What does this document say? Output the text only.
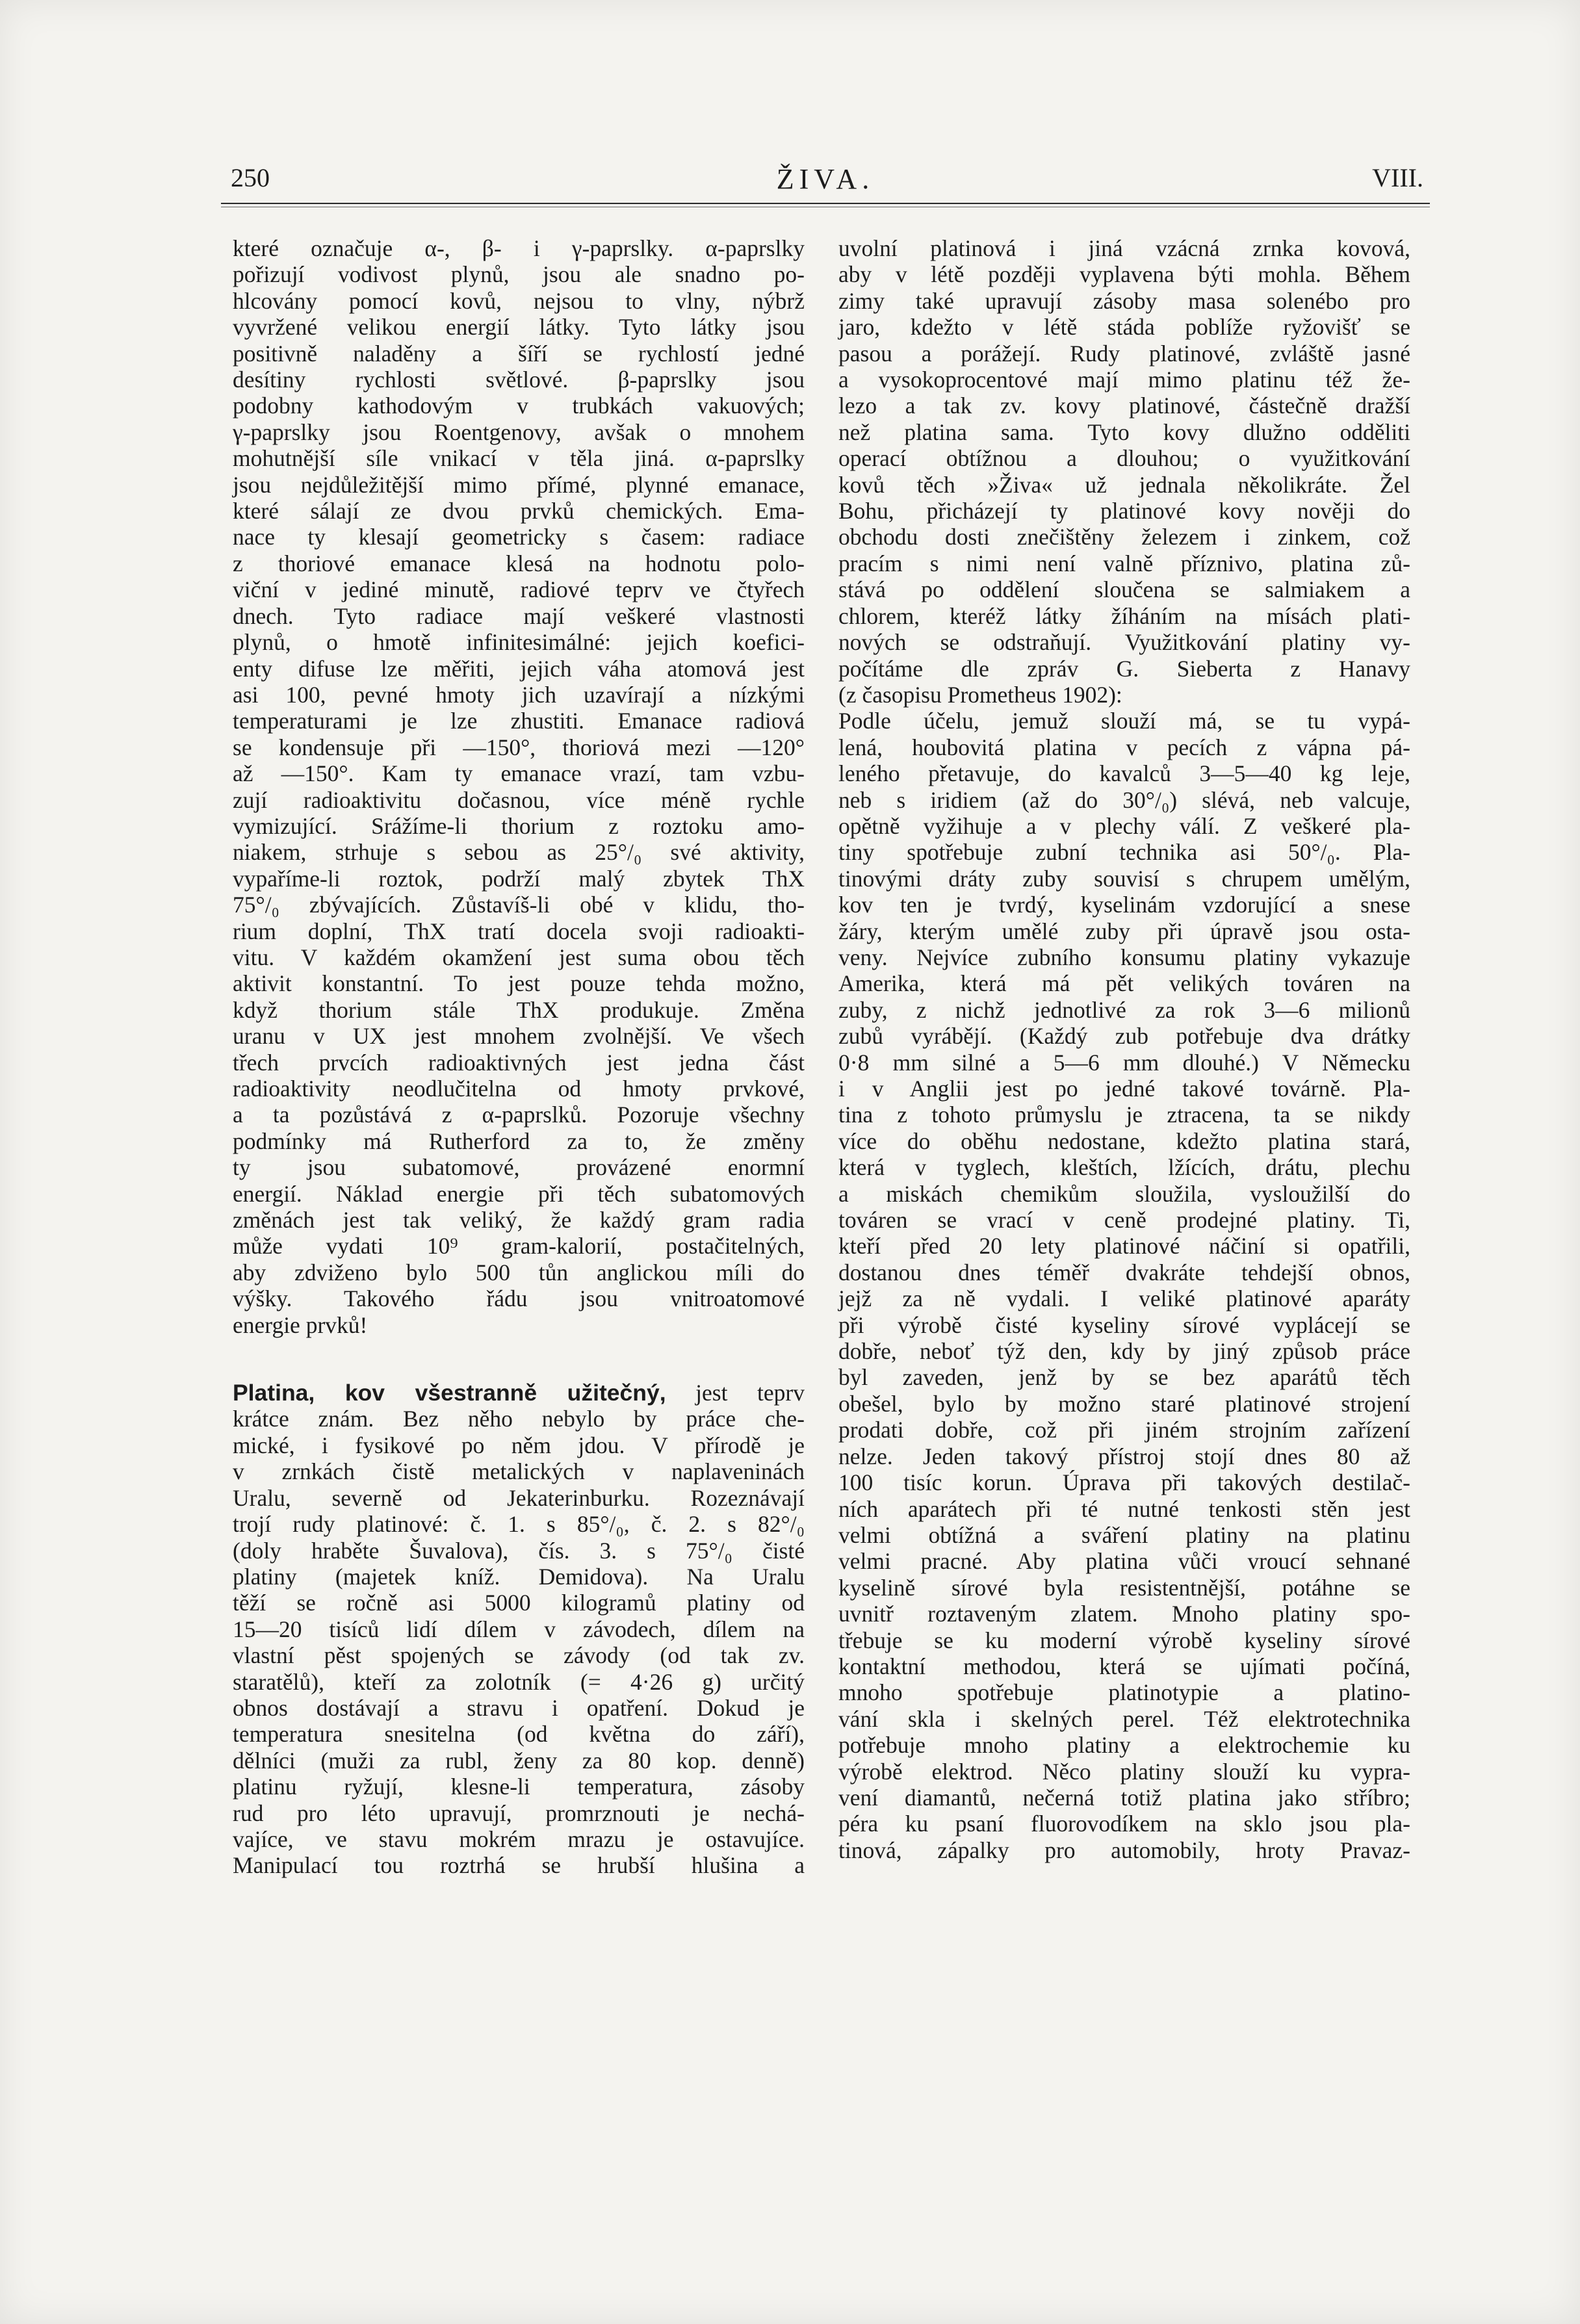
250	ŽIVA.	VIII.

které označuje α-, β- i γ-paprslky. α-paprslky

pořizují vodivost plynů, jsou ale snadno po-

hlcovány pomocí kovů, nejsou to vlny, nýbrž

vyvržené velikou energií látky. Tyto látky jsou

positivně naladěny a šíří se rychlostí jedné

desítiny rychlosti světlové. β-paprslky jsou

podobny kathodovým v trubkách vakuových;

γ-paprslky jsou Roentgenovy, avšak o mnohem

mohutnější síle vnikací v těla jiná. α-paprslky

jsou nejdůležitější mimo přímé, plynné emanace,

které sálají ze dvou prvků chemických. Ema-

nace ty klesají geometricky s časem: radiace

z thoriové emanace klesá na hodnotu polo-

viční v jediné minutě, radiové teprv ve čtyřech

dnech. Tyto radiace mají veškeré vlastnosti

plynů, o hmotě infinitesimálné: jejich koefici-

enty difuse lze měřiti, jejich váha atomová jest

asi 100, pevné hmoty jich uzavírají a nízkými

temperaturami je lze zhustiti. Emanace radiová

se kondensuje při —150°, thoriová mezi —120°

až —150°. Kam ty emanace vrazí, tam vzbu-

zují radioaktivitu dočasnou, více méně rychle

vymizující. Srážíme-li thorium z roztoku amo-

niakem, strhuje s sebou as 25°/₀ své aktivity,

vypaříme-li roztok, podrží malý zbytek ThX

75°/₀ zbývajících. Zůstavíš-li obé v klidu, tho-

rium doplní, ThX tratí docela svoji radioakti-

vitu. V každém okamžení jest suma obou těch

aktivit konstantní. To jest pouze tehda možno,

když thorium stále ThX produkuje. Změna

uranu v UX jest mnohem zvolnější. Ve všech

třech prvcích radioaktivných jest jedna část

radioaktivity neodlučitelna od hmoty prvkové,

a ta pozůstává z α-paprslků. Pozoruje všechny

podmínky má Rutherford za to, že změny

ty jsou subatomové, provázené enormní

energií. Náklad energie při těch subatomových

změnách jest tak veliký, že každý gram radia

může vydati 10⁹ gram-kalorií, postačitelných,

aby zdviženo bylo 500 tůn anglickou míli do

výšky. Takového řádu jsou vnitroatomové

energie prvků!

Platina, kov všestranně užitečný, jest teprv

krátce znám. Bez něho nebylo by práce che-

mické, i fysikové po něm jdou. V přírodě je

v zrnkách čistě metalických v naplaveninách

Uralu, severně od Jekaterinburku. Rozeznávají

trojí rudy platinové: č. 1. s 85°/₀, č. 2. s 82°/₀

(doly hraběte Šuvalova), čís. 3. s 75°/₀ čisté

platiny (majetek kníž. Demidova). Na Uralu

těží se ročně asi 5000 kilogramů platiny od

15—20 tisíců lidí dílem v závodech, dílem na

vlastní pěst spojených se závody (od tak zv.

staratělů), kteří za zolotník (= 4·26 g) určitý

obnos dostávají a stravu i opatření. Dokud je

temperatura snesitelna (od května do září),

dělníci (muži za rubl, ženy za 80 kop. denně)

platinu ryžují, klesne-li temperatura, zásoby

rud pro léto upravují, promrznouti je nechá-

vajíce, ve stavu mokrém mrazu je ostavujíce.

Manipulací tou roztrhá se hrubší hlušina a

uvolní platinová i jiná vzácná zrnka kovová,

aby v létě později vyplavena býti mohla. Během

zimy také upravují zásoby masa solenébo pro

jaro, kdežto v létě stáda poblíže ryžovišť se

pasou a porážejí. Rudy platinové, zvláště jasné

a vysokoprocentové mají mimo platinu též že-

lezo a tak zv. kovy platinové, částečně dražší

než platina sama. Tyto kovy dlužno odděliti

operací obtížnou a dlouhou; o využitkování

kovů těch »Živa« už jednala několikráte. Žel

Bohu, přicházejí ty platinové kovy nověji do

obchodu dosti znečištěny železem i zinkem, což

pracím s nimi není valně příznivo, platina zů-

stává po oddělení sloučena se salmiakem a

chlorem, kteréž látky žíháním na mísách plati-

nových se odstraňují. Využitkování platiny vy-

počítáme dle zpráv G. Sieberta z Hanavy

(z časopisu Prometheus 1902):

Podle účelu, jemuž slouží má, se tu vypá-

lená, houbovitá platina v pecích z vápna pá-

leného přetavuje, do kavalců 3—5—40 kg leje,

neb s iridiem (až do 30°/₀) slévá, neb valcuje,

opětně vyžihuje a v plechy válí. Z veškeré pla-

tiny spotřebuje zubní technika asi 50°/₀. Pla-

tinovými dráty zuby souvisí s chrupem umělým,

kov ten je tvrdý, kyselinám vzdorující a snese

žáry, kterým umělé zuby při úpravě jsou osta-

veny. Nejvíce zubního konsumu platiny vykazuje

Amerika, která má pět velikých továren na

zuby, z nichž jednotlivé za rok 3—6 milionů

zubů vyrábějí. (Každý zub potřebuje dva drátky

0·8 mm silné a 5—6 mm dlouhé.) V Německu

i v Anglii jest po jedné takové továrně. Pla-

tina z tohoto průmyslu je ztracena, ta se nikdy

více do oběhu nedostane, kdežto platina stará,

která v tyglech, kleštích, lžících, drátu, plechu

a miskách chemikům sloužila, vysloužilší do

továren se vrací v ceně prodejné platiny. Ti,

kteří před 20 lety platinové náčiní si opatřili,

dostanou dnes téměř dvakráte tehdejší obnos,

jejž za ně vydali. I veliké platinové aparáty

při výrobě čisté kyseliny sírové vyplácejí se

dobře, neboť týž den, kdy by jiný způsob práce

byl zaveden, jenž by se bez aparátů těch

obešel, bylo by možno staré platinové strojení

prodati dobře, což při jiném strojním zařízení

nelze. Jeden takový přístroj stojí dnes 80 až

100 tisíc korun. Úprava při takových destilač-

ních aparátech při té nutné tenkosti stěn jest

velmi obtížná a sváření platiny na platinu

velmi pracné. Aby platina vůči vroucí sehnané

kyselině sírové byla resistentnější, potáhne se

uvnitř roztaveným zlatem. Mnoho platiny spo-

třebuje se ku moderní výrobě kyseliny sírové

kontaktní methodou, která se ujímati počíná,

mnoho spotřebuje platinotypie a platino-

vání skla i skelných perel. Též elektrotechnika

potřebuje mnoho platiny a elektrochemie ku

výrobě elektrod. Něco platiny slouží ku vypra-

vení diamantů, nečerná totiž platina jako stříbro;

péra ku psaní fluorovodíkem na sklo jsou pla-

tinová, zápalky pro automobily, hroty Pravaz-
